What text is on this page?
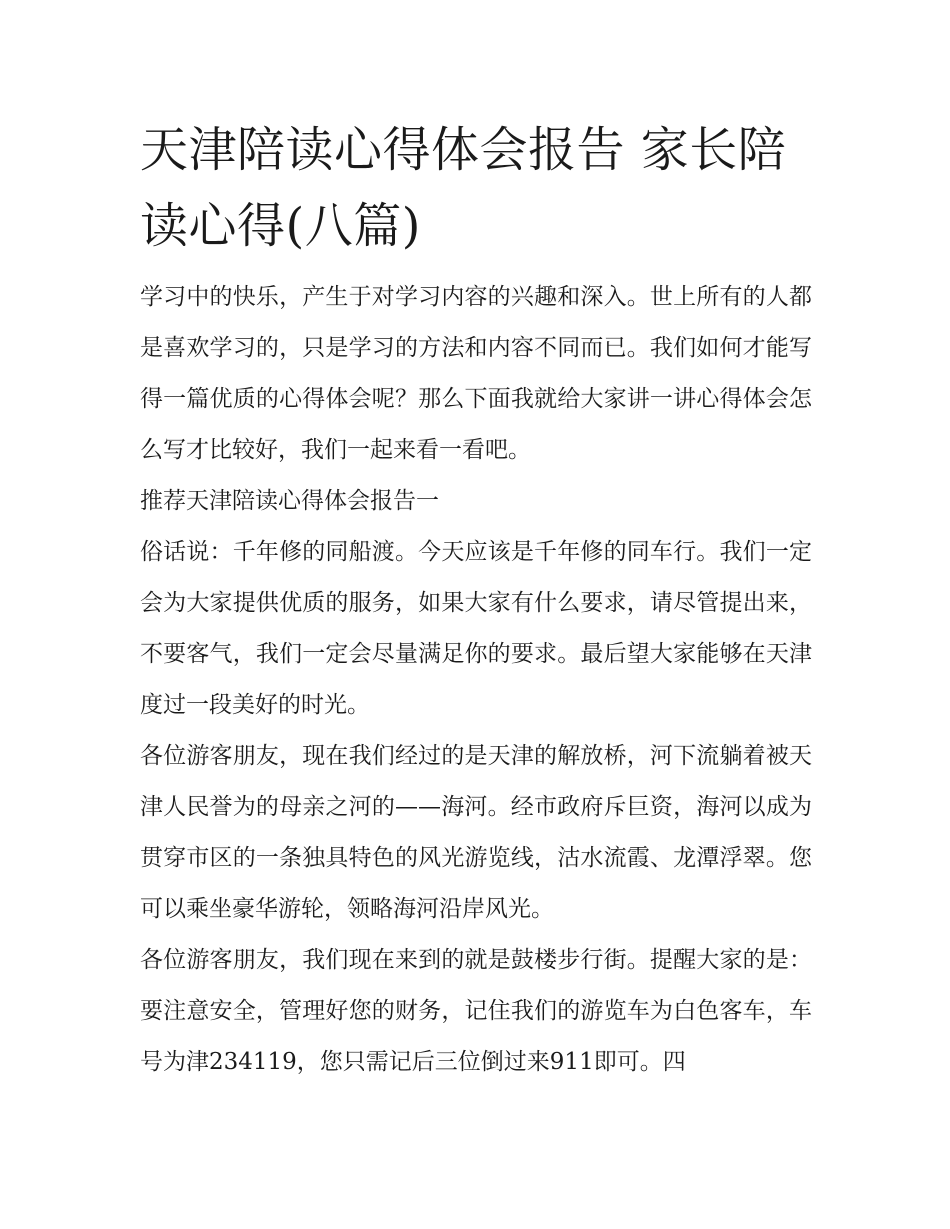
天津陪读心得体会报告 家长陪读心得(八篇)

学习中的快乐，产生于对学习内容的兴趣和深入。世上所有的人都是喜欢学习的，只是学习的方法和内容不同而已。我们如何才能写得一篇优质的心得体会呢？那么下面我就给大家讲一讲心得体会怎么写才比较好，我们一起来看一看吧。

推荐天津陪读心得体会报告一

俗话说：千年修的同船渡。今天应该是千年修的同车行。我们一定会为大家提供优质的服务，如果大家有什么要求，请尽管提出来，不要客气，我们一定会尽量满足你的要求。最后望大家能够在天津度过一段美好的时光。

各位游客朋友，现在我们经过的是天津的解放桥，河下流躺着被天津人民誉为的母亲之河的——海河。经市政府斥巨资，海河以成为贯穿市区的一条独具特色的风光游览线，沽水流霞、龙潭浮翠。您可以乘坐豪华游轮，领略海河沿岸风光。

各位游客朋友，我们现在来到的就是鼓楼步行街。提醒大家的是：要注意安全，管理好您的财务，记住我们的游览车为白色客车，车号为津234119，您只需记后三位倒过来911即可。四
